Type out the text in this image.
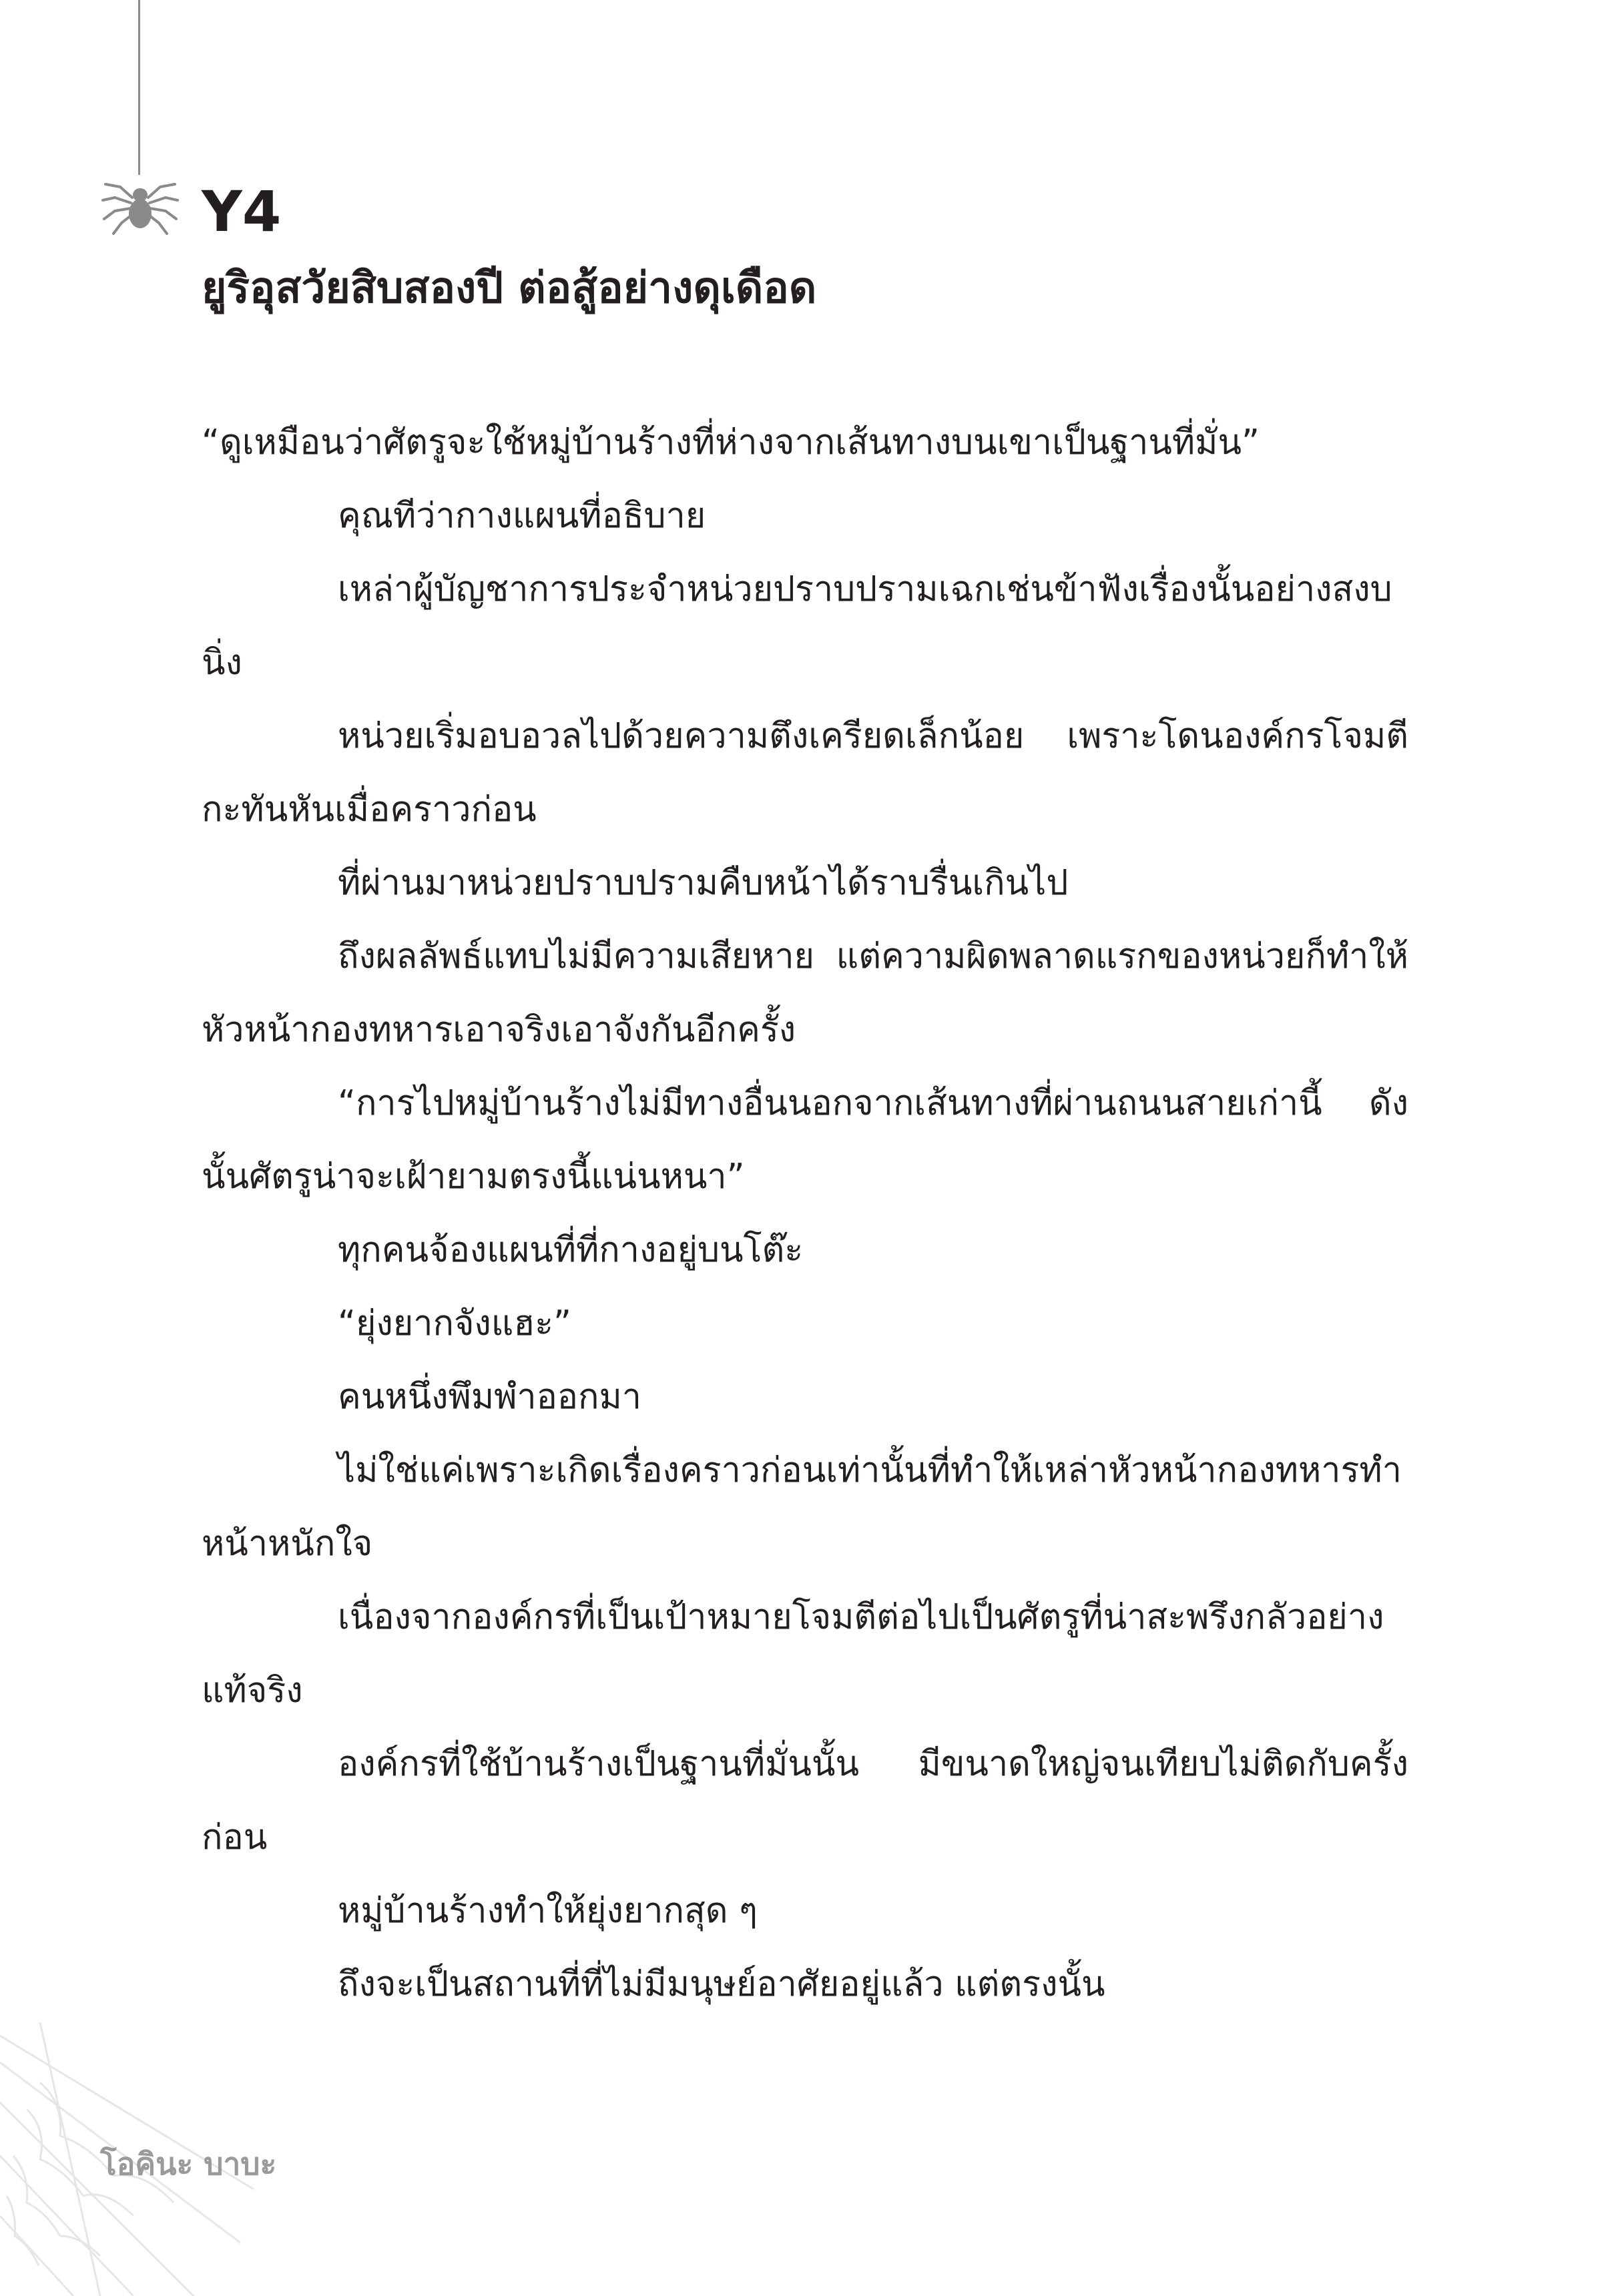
Y4
ยูริอุสวัยสิบสองปี ต่อสู้อย่างดุเดือด

“ดูเหมือนว่าศัตรูจะใช้หมู่บ้านร้างที่ห่างจากเส้นทางบนเขาเป็นฐานที่มั่น”

คุณทีว่ากางแผนที่อธิบาย

เหล่าผู้บัญชาการประจำหน่วยปราบปรามเฉกเช่นข้าฟังเรื่องนั้นอย่างสงบนิ่ง

หน่วยเริ่มอบอวลไปด้วยความตึงเครียดเล็กน้อย เพราะโดนองค์กรโจมตีกะทันหันเมื่อคราวก่อน

ที่ผ่านมาหน่วยปราบปรามคืบหน้าได้ราบรื่นเกินไป

ถึงผลลัพธ์แทบไม่มีความเสียหาย แต่ความผิดพลาดแรกของหน่วยก็ทำให้หัวหน้ากองทหารเอาจริงเอาจังกันอีกครั้ง

“การไปหมู่บ้านร้างไม่มีทางอื่นนอกจากเส้นทางที่ผ่านถนนสายเก่านี้ ดังนั้นศัตรูน่าจะเฝ้ายามตรงนี้แน่นหนา”

ทุกคนจ้องแผนที่ที่กางอยู่บนโต๊ะ

“ยุ่งยากจังแฮะ”

คนหนึ่งพึมพำออกมา

ไม่ใช่แค่เพราะเกิดเรื่องคราวก่อนเท่านั้นที่ทำให้เหล่าหัวหน้ากองทหารทำหน้าหนักใจ

เนื่องจากองค์กรที่เป็นเป้าหมายโจมตีต่อไปเป็นศัตรูที่น่าสะพรึงกลัวอย่างแท้จริง

องค์กรที่ใช้บ้านร้างเป็นฐานที่มั่นนั้น มีขนาดใหญ่จนเทียบไม่ติดกับครั้งก่อน

หมู่บ้านร้างทำให้ยุ่งยากสุด ๆ

ถึงจะเป็นสถานที่ที่ไม่มีมนุษย์อาศัยอยู่แล้ว แต่ตรงนั้น

โอคินะ บาบะ
